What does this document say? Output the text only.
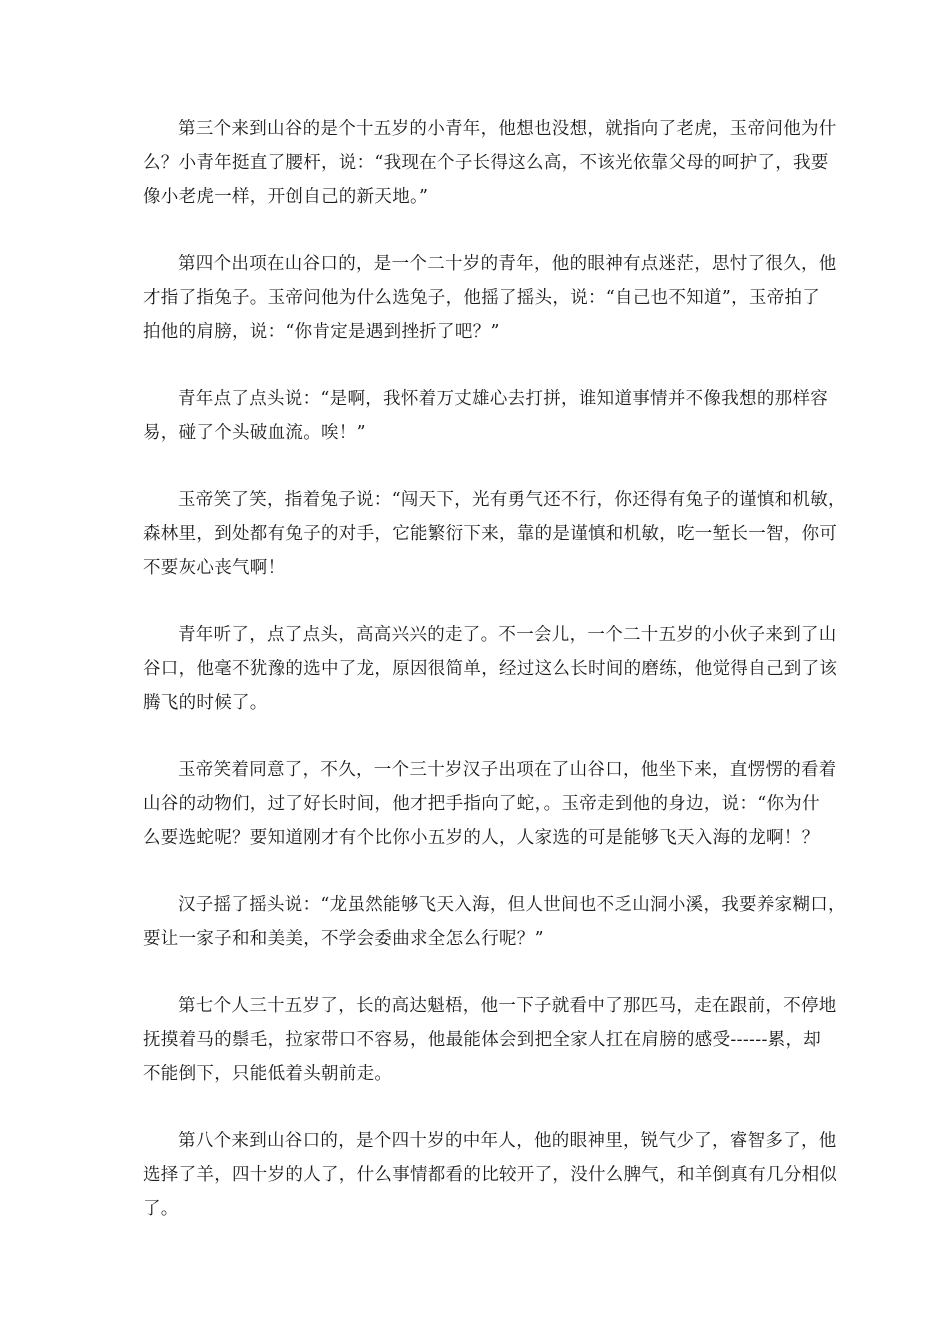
第三个来到山谷的是个十五岁的小青年，他想也没想，就指向了老虎，玉帝问他为什
么？小青年挺直了腰杆，说：“我现在个子长得这么高，不该光依靠父母的呵护了，我要
像小老虎一样，开创自己的新天地。”

第四个出项在山谷口的，是一个二十岁的青年，他的眼神有点迷茫，思忖了很久，他
才指了指兔子。玉帝问他为什么选兔子，他摇了摇头，说：“自己也不知道”，玉帝拍了
拍他的肩膀，说：“你肯定是遇到挫折了吧？”

青年点了点头说：“是啊，我怀着万丈雄心去打拼，谁知道事情并不像我想的那样容
易，碰了个头破血流。唉！”

玉帝笑了笑，指着兔子说：“闯天下，光有勇气还不行，你还得有兔子的谨慎和机敏，
森林里，到处都有兔子的对手，它能繁衍下来，靠的是谨慎和机敏，吃一堑长一智，你可
不要灰心丧气啊！

青年听了，点了点头，高高兴兴的走了。不一会儿，一个二十五岁的小伙子来到了山
谷口，他毫不犹豫的选中了龙，原因很简单，经过这么长时间的磨练，他觉得自己到了该
腾飞的时候了。

玉帝笑着同意了，不久，一个三十岁汉子出项在了山谷口，他坐下来，直愣愣的看着
山谷的动物们，过了好长时间，他才把手指向了蛇，。玉帝走到他的身边，说：“你为什
么要选蛇呢？要知道刚才有个比你小五岁的人，人家选的可是能够飞天入海的龙啊！？

汉子摇了摇头说：“龙虽然能够飞天入海，但人世间也不乏山洞小溪，我要养家糊口，
要让一家子和和美美，不学会委曲求全怎么行呢？”

第七个人三十五岁了，长的高达魁梧，他一下子就看中了那匹马，走在跟前，不停地
抚摸着马的鬃毛，拉家带口不容易，他最能体会到把全家人扛在肩膀的感受------累，却
不能倒下，只能低着头朝前走。

第八个来到山谷口的，是个四十岁的中年人，他的眼神里，锐气少了，睿智多了，他
选择了羊，四十岁的人了，什么事情都看的比较开了，没什么脾气，和羊倒真有几分相似
了。
